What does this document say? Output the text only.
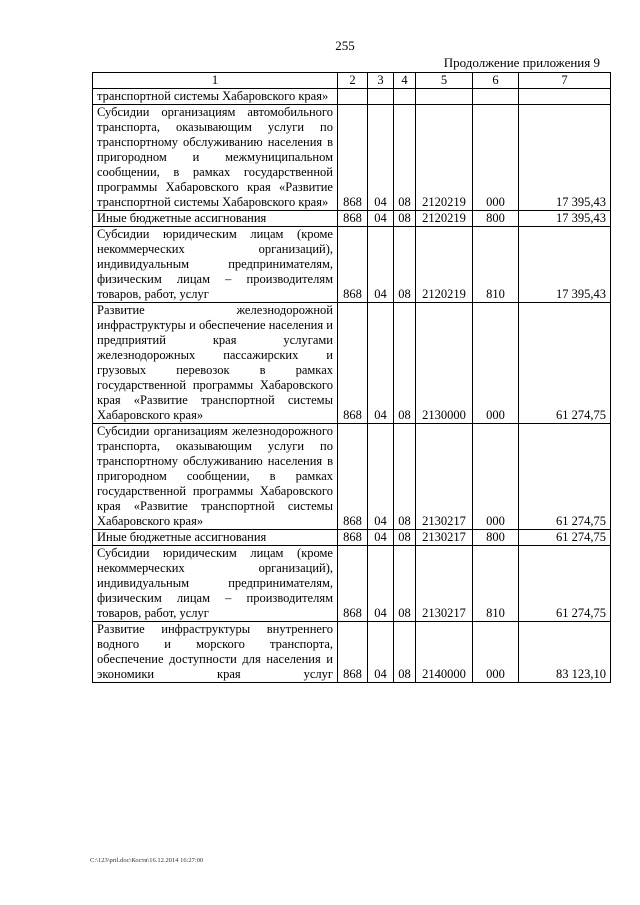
255
Продолжение приложения 9
1	2	3	4	5	6	7
транспортной системы Хабаровского края»						
Субсидии организациям автомобильного транспорта, оказывающим услуги по транспортному обслуживанию населения в пригородном и межмуниципальном сообщении, в рамках государственной программы Хабаровского края «Развитие транспортной системы Хабаровского края»	868	04	08	2120219	000	17 395,43
Иные бюджетные ассигнования	868	04	08	2120219	800	17 395,43
Субсидии юридическим лицам (кроме некоммерческих организаций), индивидуальным предпринимателям, физическим лицам – производителям товаров, работ, услуг	868	04	08	2120219	810	17 395,43
Развитие железнодорожной инфраструктуры и обеспечение населения и предприятий края услугами железнодорожных пассажирских и грузовых перевозок в рамках государственной программы Хабаровского края «Развитие транспортной системы Хабаровского края»	868	04	08	2130000	000	61 274,75
Субсидии организациям железнодорожного транспорта, оказывающим услуги по транспортному обслуживанию населения в пригородном сообщении, в рамках государственной программы Хабаровского края «Развитие транспортной системы Хабаровского края»	868	04	08	2130217	000	61 274,75
Иные бюджетные ассигнования	868	04	08	2130217	800	61 274,75
Субсидии юридическим лицам (кроме некоммерческих организаций), индивидуальным предпринимателям, физическим лицам – производителям товаров, работ, услуг	868	04	08	2130217	810	61 274,75
Развитие инфраструктуры внутреннего водного и морского транспорта, обеспечение доступности для населения и экономики края услуг	868	04	08	2140000	000	83 123,10
C:\123\pril.doc\Костя\16.12.2014 16:27:00
